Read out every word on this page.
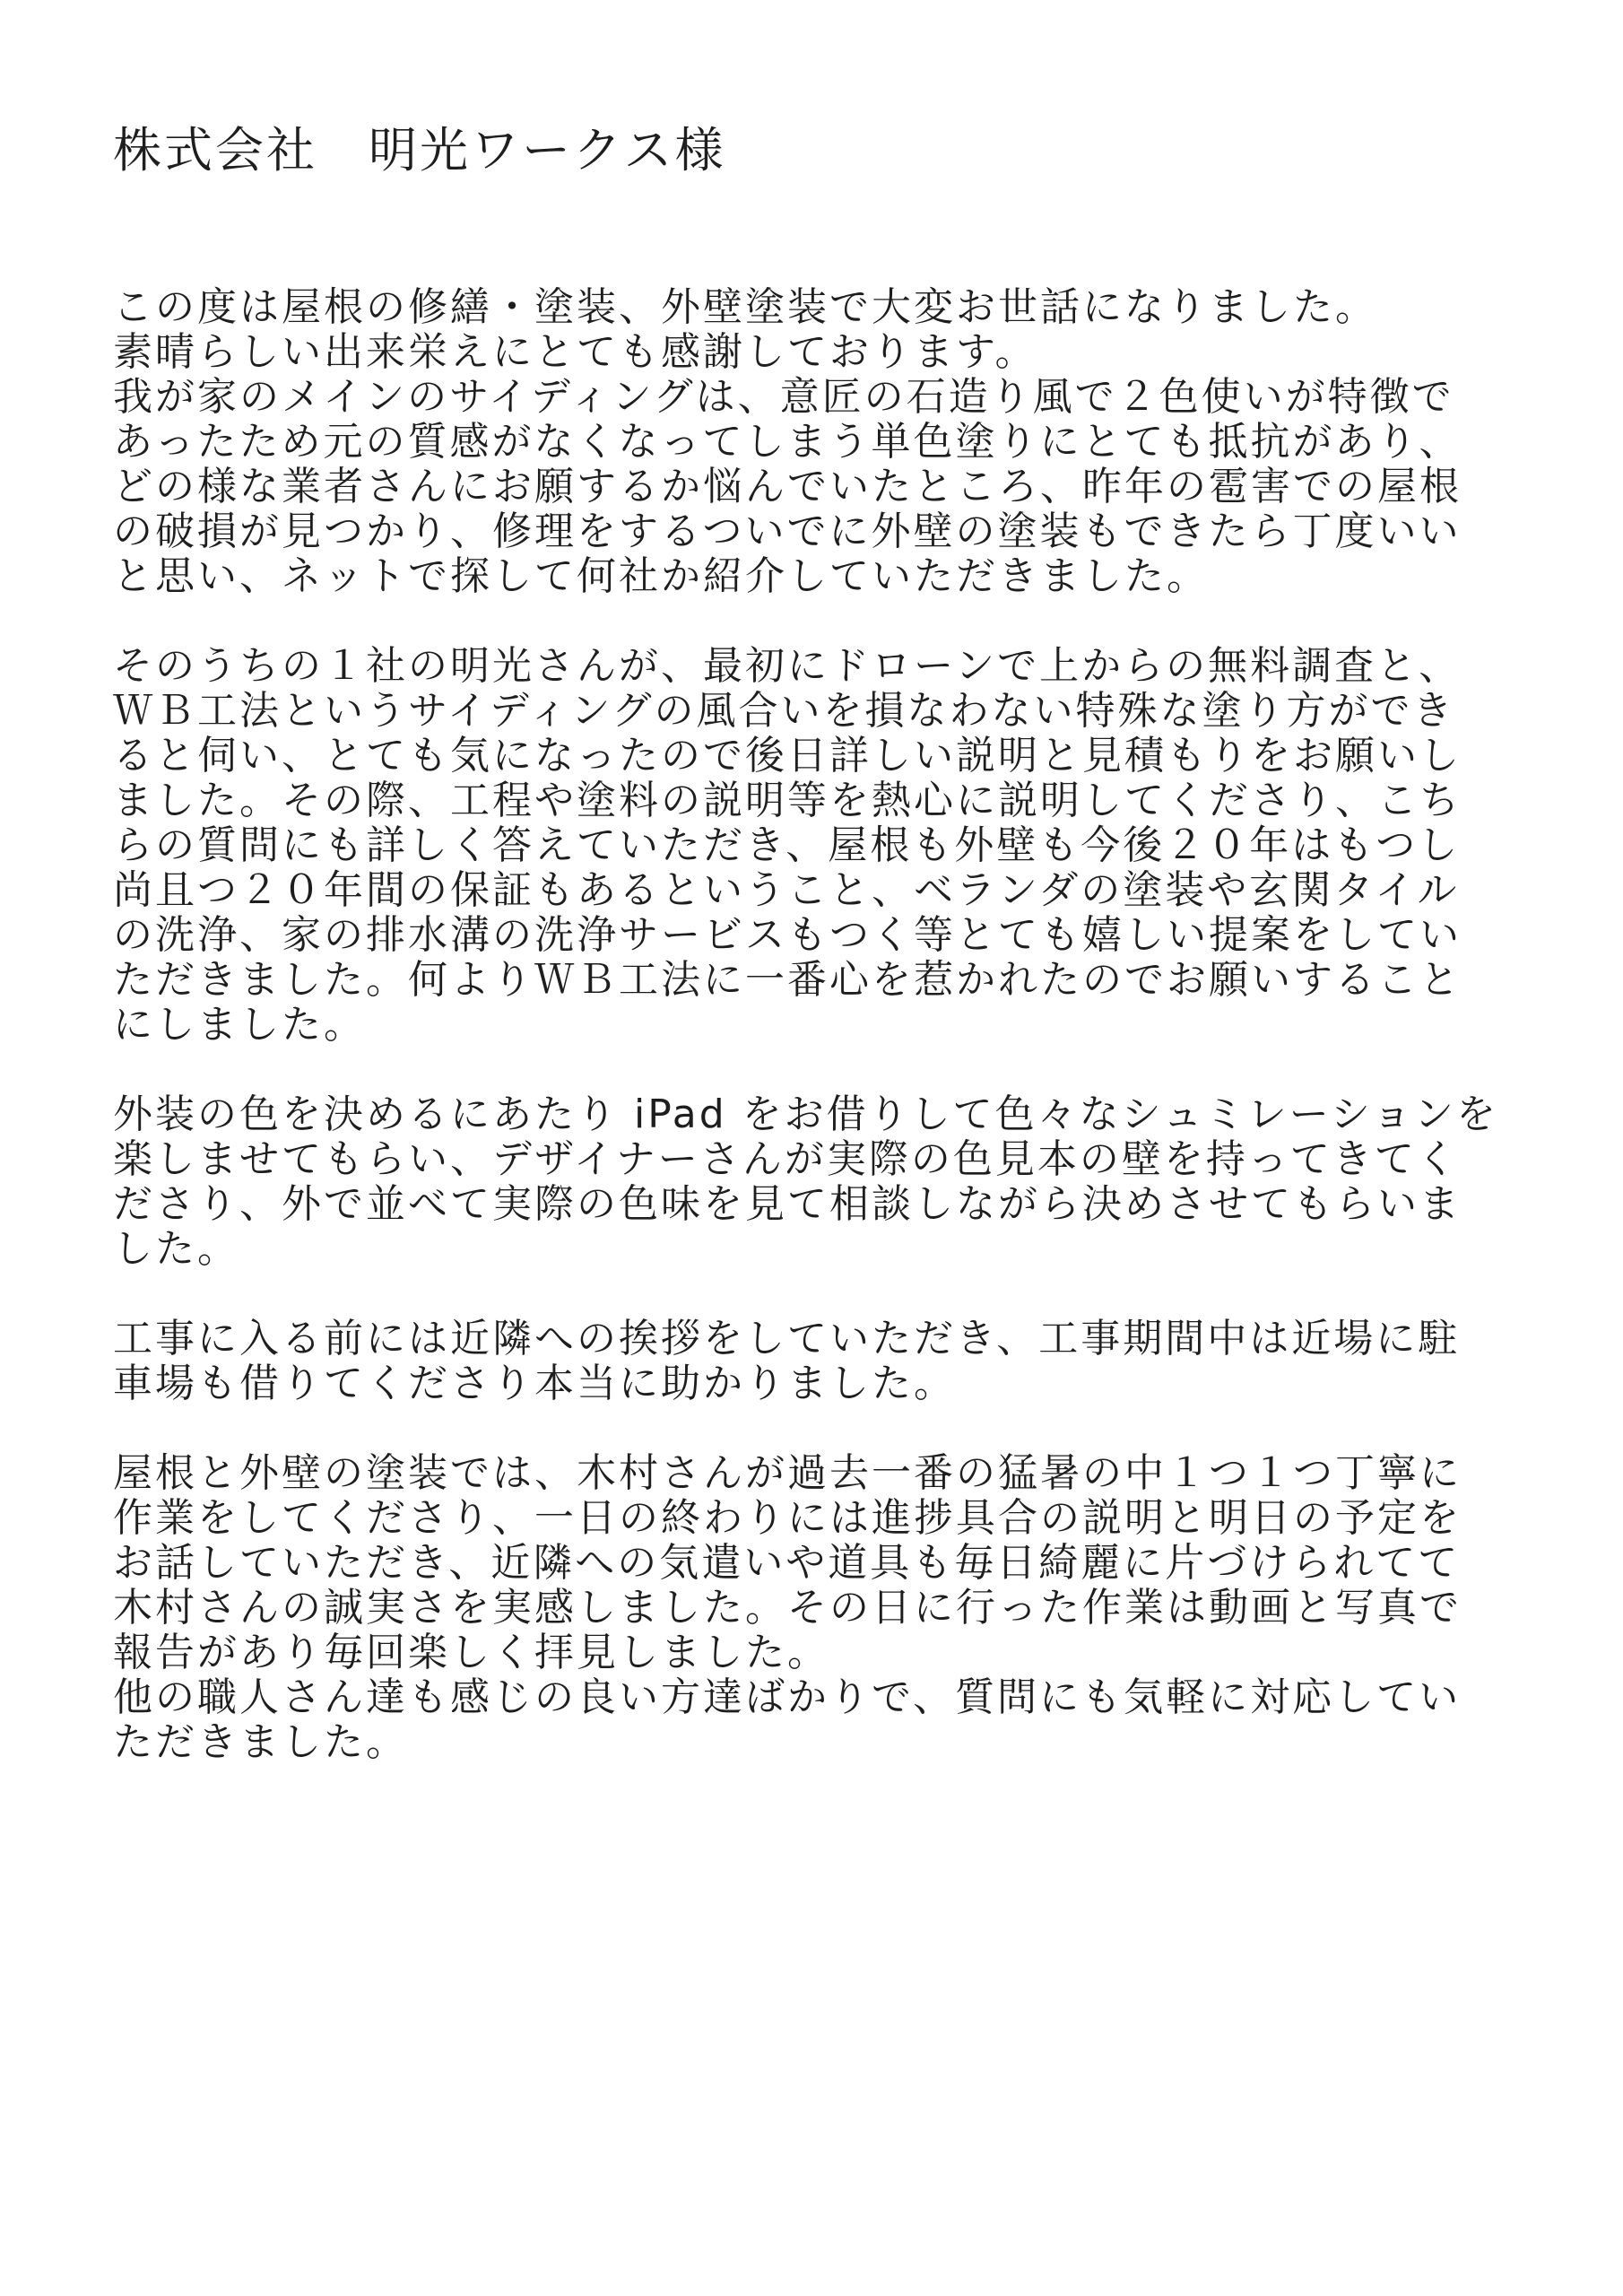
株式会社　明光ワークス様

この度は屋根の修繕・塗装、外壁塗装で大変お世話になりました。
素晴らしい出来栄えにとても感謝しております。
我が家のメインのサイディングは、意匠の石造り風で２色使いが特徴で
あったため元の質感がなくなってしまう単色塗りにとても抵抗があり、
どの様な業者さんにお願するか悩んでいたところ、昨年の雹害での屋根
の破損が見つかり、修理をするついでに外壁の塗装もできたら丁度いい
と思い、ネットで探して何社か紹介していただきました。

そのうちの１社の明光さんが、最初にドローンで上からの無料調査と、
ＷＢ工法というサイディングの風合いを損なわない特殊な塗り方ができ
ると伺い、とても気になったので後日詳しい説明と見積もりをお願いし
ました。その際、工程や塗料の説明等を熱心に説明してくださり、こち
らの質問にも詳しく答えていただき、屋根も外壁も今後２０年はもつし
尚且つ２０年間の保証もあるということ、ベランダの塗装や玄関タイル
の洗浄、家の排水溝の洗浄サービスもつく等とても嬉しい提案をしてい
ただきました。何よりＷＢ工法に一番心を惹かれたのでお願いすること
にしました。

外装の色を決めるにあたり iPad をお借りして色々なシュミレーションを
楽しませてもらい、デザイナーさんが実際の色見本の壁を持ってきてく
ださり、外で並べて実際の色味を見て相談しながら決めさせてもらいま
した。

工事に入る前には近隣への挨拶をしていただき、工事期間中は近場に駐
車場も借りてくださり本当に助かりました。

屋根と外壁の塗装では、木村さんが過去一番の猛暑の中１つ１つ丁寧に
作業をしてくださり、一日の終わりには進捗具合の説明と明日の予定を
お話していただき、近隣への気遣いや道具も毎日綺麗に片づけられてて
木村さんの誠実さを実感しました。その日に行った作業は動画と写真で
報告があり毎回楽しく拝見しました。
他の職人さん達も感じの良い方達ばかりで、質問にも気軽に対応してい
ただきました。
